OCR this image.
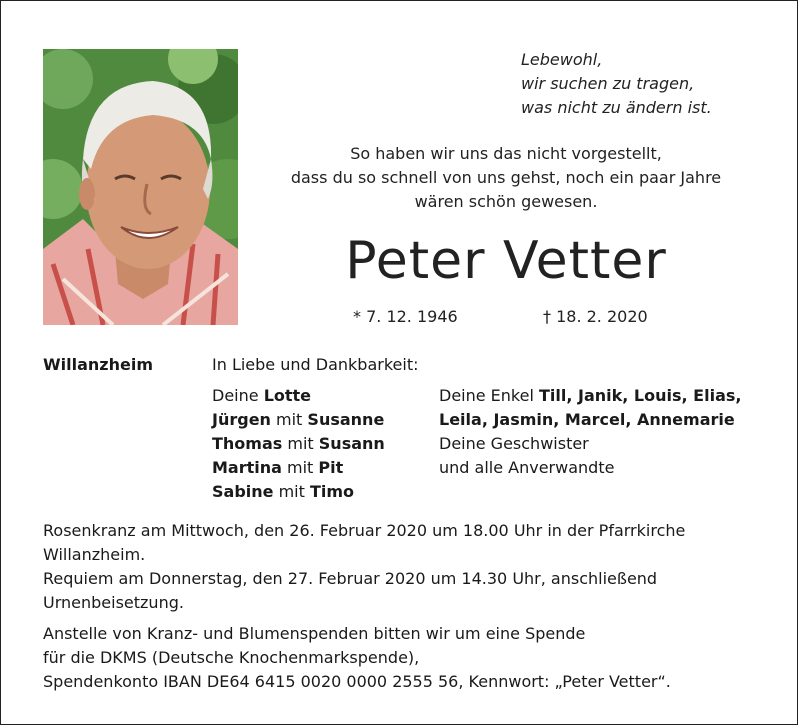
Lebewohl,
wir suchen zu tragen,
was nicht zu ändern ist.
So haben wir uns das nicht vorgestellt,
dass du so schnell von uns gehst, noch ein paar Jahre
wären schön gewesen.
Peter Vetter
* 7. 12. 1946	† 18. 2. 2020
Willanzheim	In Liebe und Dankbarkeit:
Deine Lotte
Jürgen mit Susanne
Thomas mit Susann
Martina mit Pit
Sabine mit Timo
Deine Enkel Till, Janik, Louis, Elias,
Leila, Jasmin, Marcel, Annemarie
Deine Geschwister
und alle Anverwandte
Rosenkranz am Mittwoch, den 26. Februar 2020 um 18.00 Uhr in der Pfarrkirche
Willanzheim.
Requiem am Donnerstag, den 27. Februar 2020 um 14.30 Uhr, anschließend
Urnenbeisetzung.
Anstelle von Kranz- und Blumenspenden bitten wir um eine Spende
für die DKMS (Deutsche Knochenmarkspende),
Spendenkonto IBAN DE64 6415 0020 0000 2555 56, Kennwort: „Peter Vetter“.
